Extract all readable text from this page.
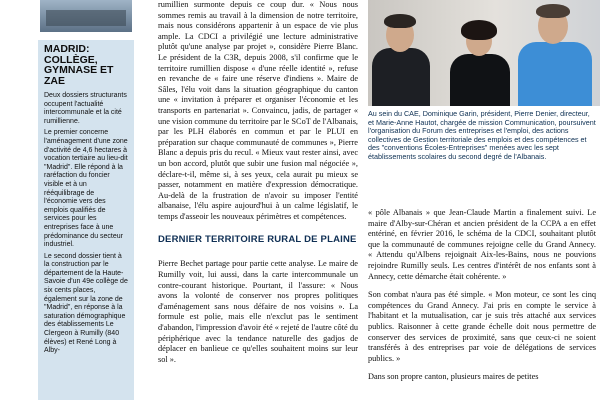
MADRID: COLLÈGE, GYMNASE ET ZAE

Deux dossiers structurants occupent l'actualité intercommunale et la cité rumillienne.

Le premier concerne l'aménagement d'une zone d'activité de 4,6 hectares à vocation tertiaire au lieu-dit "Madrid". Elle répond à la raréfaction du foncier visible et à un rééquilibrage de l'économie vers des emplois qualifiés de services pour les entreprises face à une prédominance du secteur industriel.

Le second dossier tient à la construction par le département de la Haute-Savoie d'un 49e collège de six cents places, également sur la zone de "Madrid", en réponse à la saturation démographique des établissements Le Clergeon à Rumilly (840 élèves) et René Long à Alby-

rumillien surmonte depuis ce coup dur. « Nous nous sommes remis au travail à la dimension de notre territoire, mais nous considérons appartenir à un espace de vie plus ample. La CDCI a privilégié une lecture administrative plutôt qu'une analyse par projet », considère Pierre Blanc. Le président de la C3R, depuis 2008, s'il confirme que le territoire rumillien dispose « d'une réelle identité », refuse en revanche de « faire une réserve d'indiens ». Maire de Sâles, l'élu voit dans la situation géographique du canton une « invitation à préparer et organiser l'économie et les transports en partenariat ». Convaincu, jadis, de partager « une vision commune du territoire par le SCoT de l'Albanais, par les PLH élaborés en commun et par le PLUI en préparation sur chaque communauté de communes », Pierre Blanc a depuis pris du recul. « Mieux vaut rester ainsi, avec un bon accord, plutôt que subir une fusion mal négociée », déclare-t-il, même si, à ses yeux, cela aurait pu mieux se passer, notamment en matière d'expression démocratique. Au-delà de la frustration de n'avoir su imposer l'entité albanaise, l'élu aspire aujourd'hui à un calme législatif, le temps d'asseoir les nouveaux périmètres et compétences.

DERNIER TERRITOIRE RURAL DE PLAINE

Pierre Bechet partage pour partie cette analyse. Le maire de Rumilly voit, lui aussi, dans la carte intercommunale un contre-courant historique. Pourtant, il l'assure: « Nous avons la volonté de conserver nos propres politiques d'aménagement sans nous défaire de nos voisins ». La formule est polie, mais elle n'exclut pas le sentiment d'abandon, l'impression d'avoir été « rejeté de l'autre côté du périphérique avec la tendance naturelle des gadjos de déplacer en banlieue ce qu'elles souhaitent moins sur leur sol ».

Au sein du CAE, Dominique Garin, président, Pierre Denier, directeur, et Marie-Anne Hautot, chargée de mission Communication, poursuivent l'organisation du Forum des entreprises et l'emploi, des actions collectives de Gestion territoriale des emplois et des compétences et des "conventions Écoles-Entreprises" menées avec les sept établissements scolaires du second degré de l'Albanais.

« pôle Albanais » que Jean-Claude Martin a finalement suivi. Le maire d'Alby-sur-Chéran et ancien président de la CCPA a en effet entériné, en février 2016, le schéma de la CDCI, souhaitant plutôt que la communauté de communes rejoigne celle du Grand Annecy. « Attendu qu'Albens rejoignait Aix-les-Bains, nous ne pouvions rejoindre Rumilly seuls. Les centres d'intérêt de nos enfants sont à Annecy, cette démarche était cohérente. »

Son combat n'aura pas été simple. « Mon moteur, ce sont les cinq compétences du Grand Annecy. J'ai pris en compte le service à l'habitant et la mutualisation, car je suis très attaché aux services publics. Raisonner à cette grande échelle doit nous permettre de conserver des services de proximité, sans que ceux-ci ne soient transférés à des entreprises par voie de délégations de services publics. »

Dans son propre canton, plusieurs maires de petites
